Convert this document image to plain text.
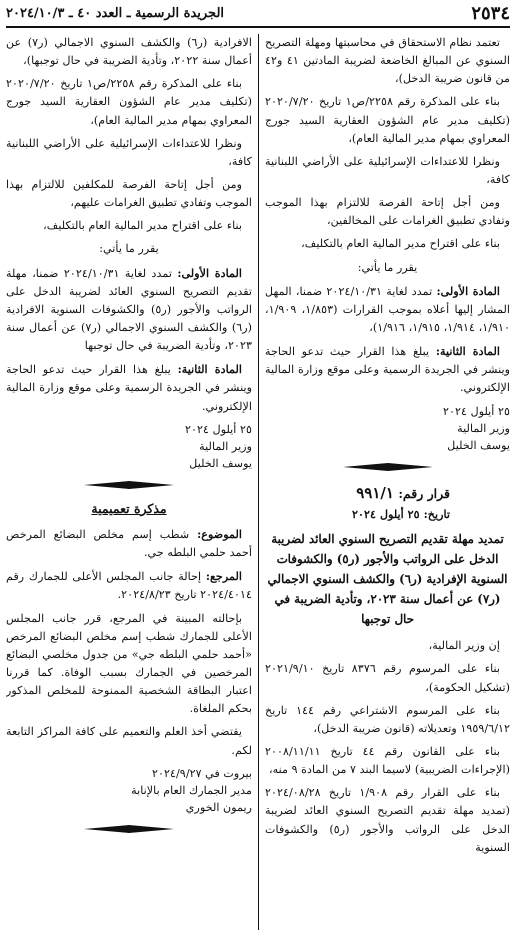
٢٥٣٤
الجريدة الرسمية ـ العدد ٤٠ ـ ٢٠٢٤/١٠/٣

تعتمد نظام الاستحقاق في محاسبتها ومهلة التصريح السنوي عن المبالغ الخاضعة لضريبة المادتين ٤١ و٤٢ من قانون ضريبة الدخل)،

بناء على المذكرة رقم ٢٢٥٨/ص١ تاريخ ٢٠٢٠/٧/٢٠ (تكليف مدير عام الشؤون العقارية السيد جورج المعراوي بمهام مدير المالية العام)،

ونظرا للاعتداءات الإسرائيلية على الأراضي اللبنانية كافة،

ومن أجل إتاحة الفرصة للالتزام بهذا الموجب وتفادي تطبيق الغرامات على المخالفين،

بناء على اقتراح مدير المالية العام بالتكليف،

يقرر ما يأتي:

المادة الأولى: تمدد لغاية ٢٠٢٤/١٠/٣١ ضمنا، المهل المشار إليها أعلاه بموجب القرارات (١/٨٥٣، ١/٩٠٩، ١/٩١٠، ١/٩١٤، ١/٩١٥، ١/٩١٦)،

المادة الثانية: يبلغ هذا القرار حيث تدعو الحاجة وينشر في الجريدة الرسمية وعلى موقع وزارة المالية الإلكتروني.

٢٥ أيلول ٢٠٢٤

وزير المالية

يوسف الخليل

قرار رقم: ٩٩١/١

تاريخ: ٢٥ أيلول ٢٠٢٤

تمديد مهلة تقديم التصريح السنوي العائد لضريبة الدخل على الرواتب والأجور (ر٥) والكشوفات السنوية الإفرادية (ر٦) والكشف السنوي الاجمالي (ر٧) عن أعمال سنة ٢٠٢٣، وتأدية الضريبة في حال توجبها

إن وزير المالية،

بناء على المرسوم رقم ٨٣٧٦ تاريخ ٢٠٢١/٩/١٠ (تشكيل الحكومة)،

بناء على المرسوم الاشتراعي رقم ١٤٤ تاريخ ١٩٥٩/٦/١٢ وتعديلاته (قانون ضريبة الدخل)،

بناء على القانون رقم ٤٤ تاريخ ٢٠٠٨/١١/١١ (الإجراءات الضريبية) لاسيما البند ٧ من المادة ٩ منه،

بناء على القرار رقم ١/٩٠٨ تاريخ ٢٠٢٤/٠٨/٢٨ (تمديد مهلة تقديم التصريح السنوي العائد لضريبة الدخل على الرواتب والأجور (ر٥) والكشوفات السنوية

الافرادية (ر٦) والكشف السنوي الاجمالي (ر٧) عن أعمال سنة ٢٠٢٢، وتأدية الضريبة في حال توجبها)،

بناء على المذكرة رقم ٢٢٥٨/ص١ تاريخ ٢٠٢٠/٧/٢٠ (تكليف مدير عام الشؤون العقارية السيد جورج المعراوي بمهام مدير المالية العام)،

ونظرا للاعتداءات الإسرائيلية على الأراضي اللبنانية كافة،

ومن أجل إتاحة الفرصة للمكلفين للالتزام بهذا الموجب وتفادي تطبيق الغرامات عليهم،

بناء على اقتراح مدير المالية العام بالتكليف،

يقرر ما يأتي:

المادة الأولى: تمدد لغاية ٢٠٢٤/١٠/٣١ ضمنا، مهلة تقديم التصريح السنوي العائد لضريبة الدخل على الرواتب والأجور (ر٥) والكشوفات السنوية الافرادية (ر٦) والكشف السنوي الاجمالي (ر٧) عن أعمال سنة ٢٠٢٣، وتأدية الضريبة في حال توجبها

المادة الثانية: يبلغ هذا القرار حيث تدعو الحاجة وينشر في الجريدة الرسمية وعلى موقع وزارة المالية الإلكتروني.

٢٥ أيلول ٢٠٢٤

وزير المالية

يوسف الخليل

مذكرة تعميمية

الموضوع: شطب إسم مخلص البضائع المرخص أحمد حلمي البلطه جي.

المرجع: إحالة جانب المجلس الأعلى للجمارك رقم ٢٠٢٤/٤٠١٤ تاريخ ٢٠٢٤/٨/٢٣.

بإحالته المبينة في المرجع، قرر جانب المجلس الأعلى للجمارك شطب إسم مخلص البضائع المرخص «أحمد حلمي البلطه جي» من جدول مخلصي البضائع المرخصين في الجمارك بسبب الوفاة. كما قررنا اعتبار البطاقة الشخصية الممنوحة للمخلص المذكور بحكم الملغاة.

يقتضي أخذ العلم والتعميم على كافة المراكز التابعة لكم.

بيروت في ٢٠٢٤/٩/٢٧

مدير الجمارك العام بالإنابة

ريمون الخوري
